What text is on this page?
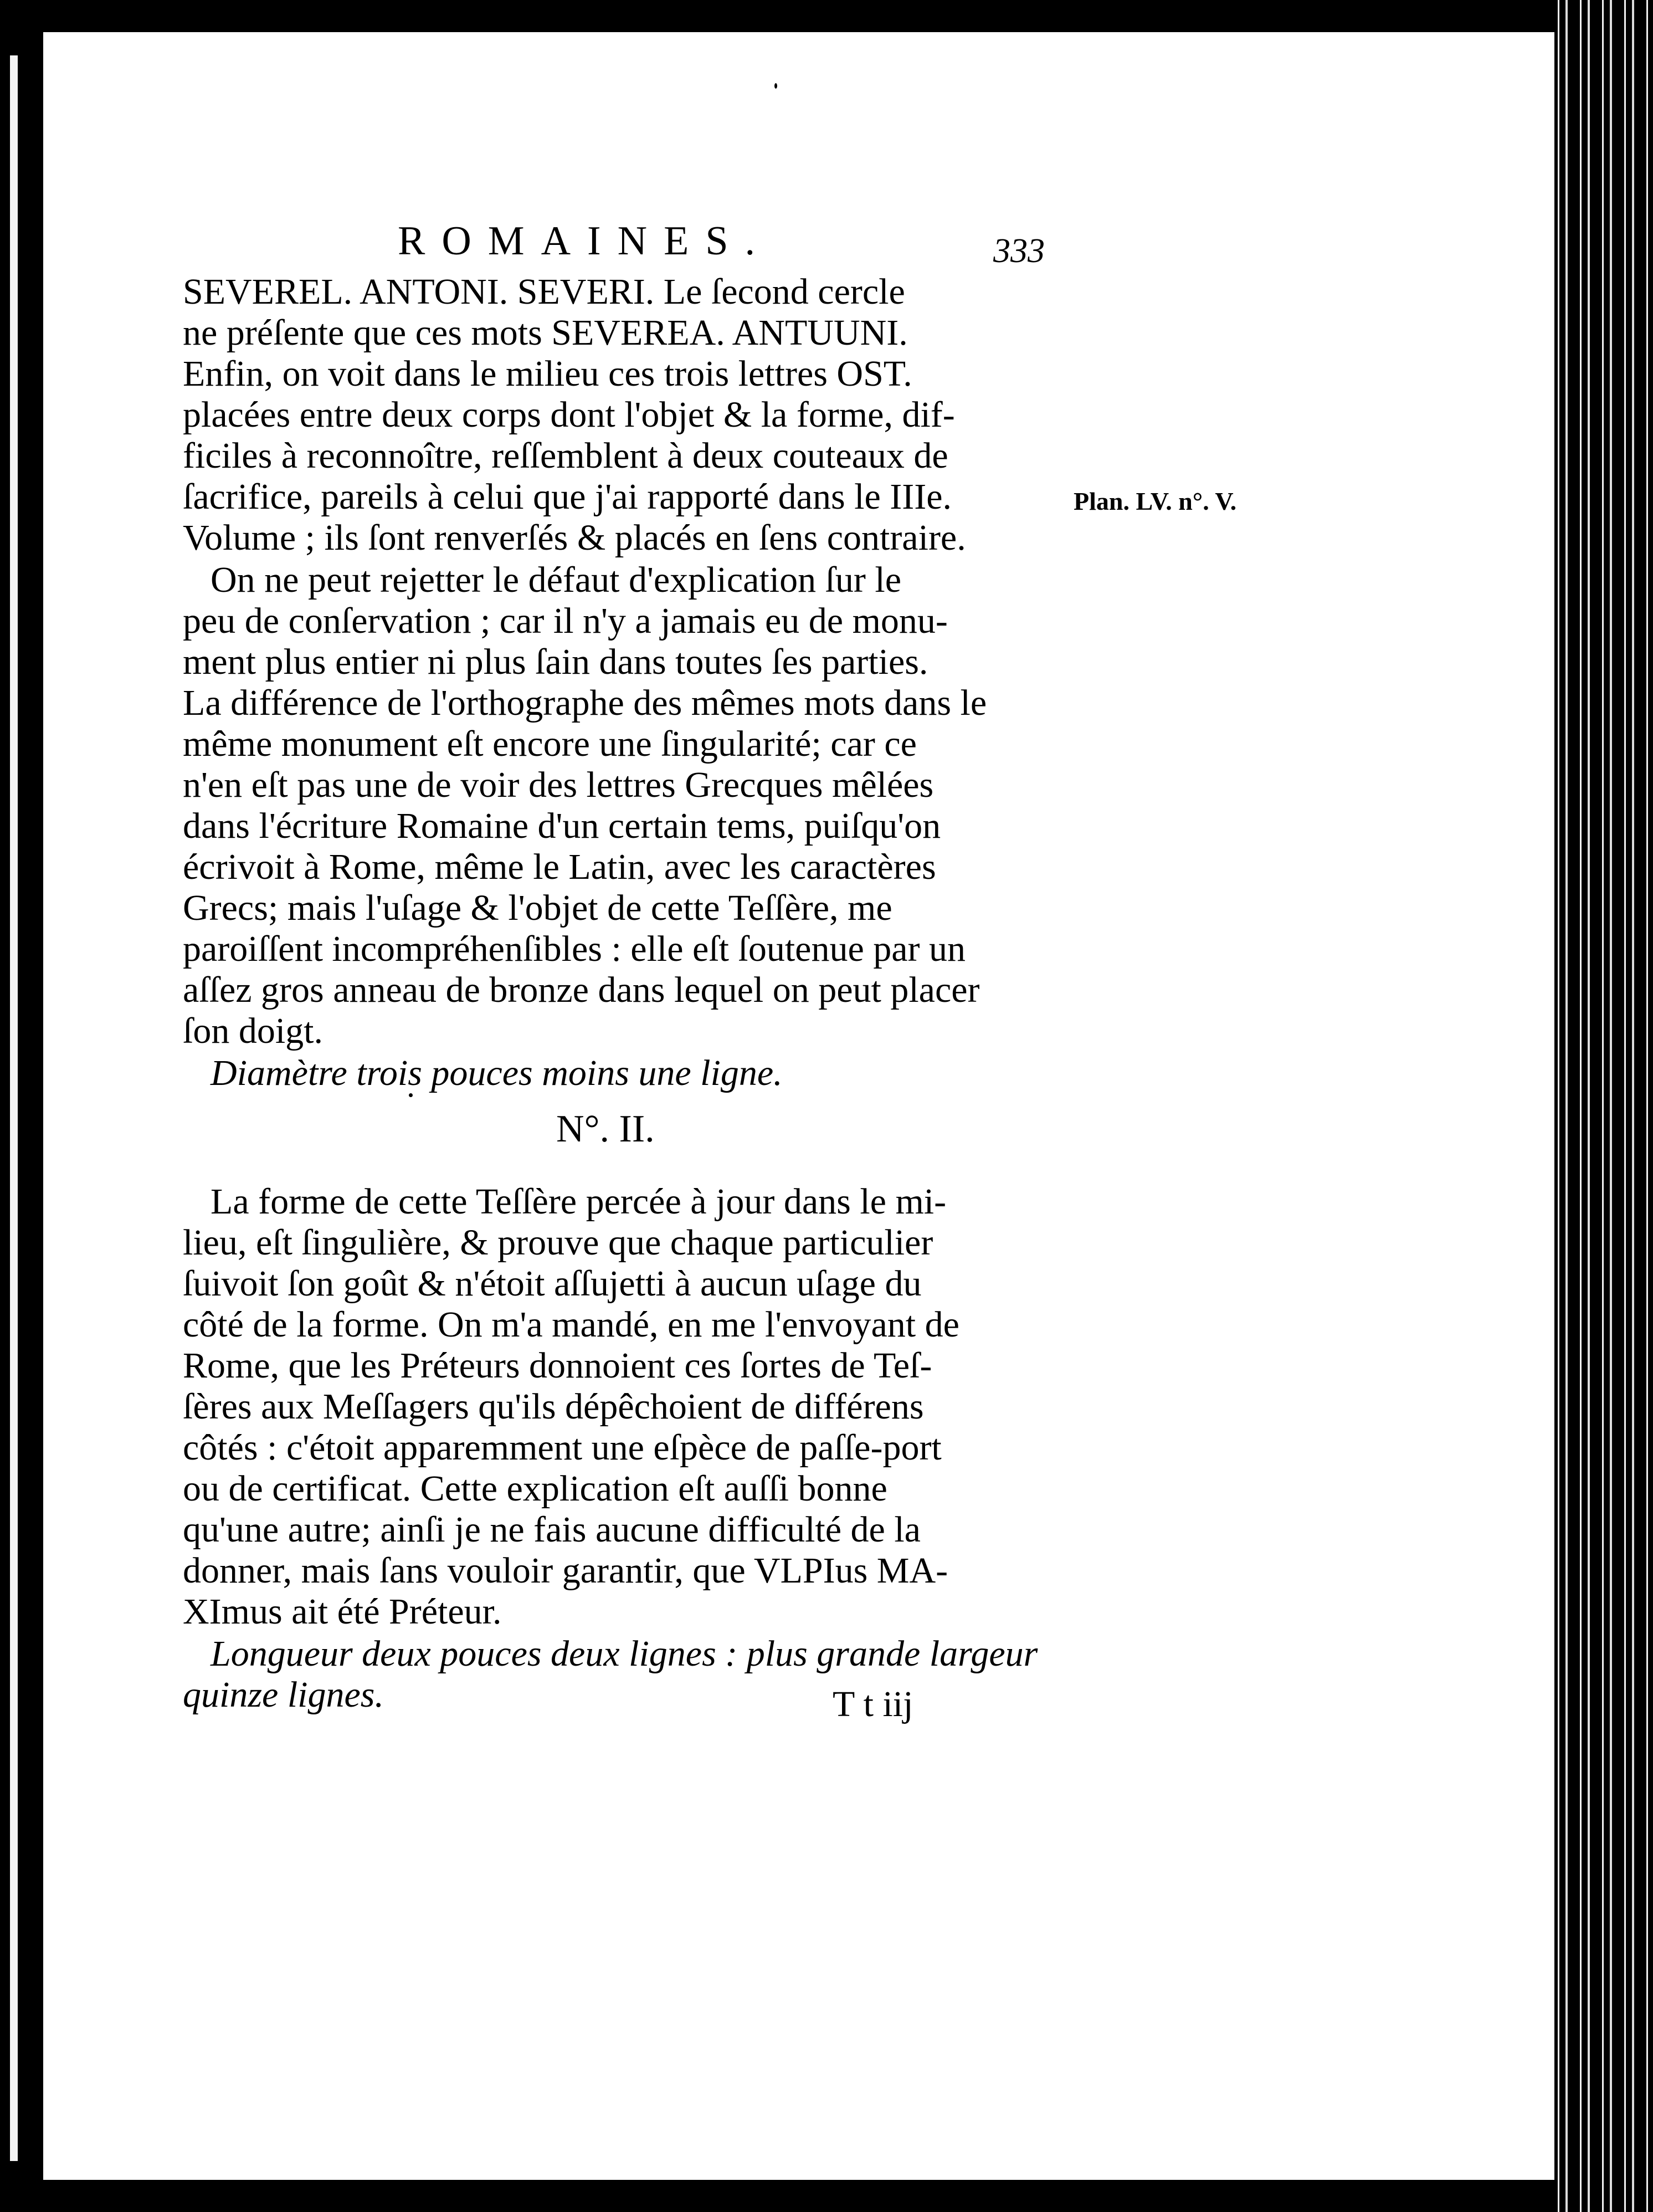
ROMAINES.	333
SEVEREL. ANTONI. SEVERI. Le ſecond cercle
ne préſente que ces mots SEVEREA. ANTUUNI.
Enfin, on voit dans le milieu ces trois lettres OST.
placées entre deux corps dont l'objet & la forme, dif-
ficiles à reconnoître, reſſemblent à deux couteaux de
ſacrifice, pareils à celui que j'ai rapporté dans le IIIe.
Volume ; ils ſont renverſés & placés en ſens contraire.
Plan. LV. n°. V.
On ne peut rejetter le défaut d'explication ſur le
peu de conſervation ; car il n'y a jamais eu de monu-
ment plus entier ni plus ſain dans toutes ſes parties.
La différence de l'orthographe des mêmes mots dans le
même monument eſt encore une ſingularité; car ce
n'en eſt pas une de voir des lettres Grecques mêlées
dans l'écriture Romaine d'un certain tems, puiſqu'on
écrivoit à Rome, même le Latin, avec les caractères
Grecs; mais l'uſage & l'objet de cette Teſſère, me
paroiſſent incompréhenſibles : elle eſt ſoutenue par un
aſſez gros anneau de bronze dans lequel on peut placer
ſon doigt.
Diamètre trois pouces moins une ligne.
N°. II.
La forme de cette Teſſère percée à jour dans le mi-
lieu, eſt ſingulière, & prouve que chaque particulier
ſuivoit ſon goût & n'étoit aſſujetti à aucun uſage du
côté de la forme. On m'a mandé, en me l'envoyant de
Rome, que les Préteurs donnoient ces ſortes de Teſ-
ſères aux Meſſagers qu'ils dépêchoient de différens
côtés : c'étoit apparemment une eſpèce de paſſe-port
ou de certificat. Cette explication eſt auſſi bonne
qu'une autre; ainſi je ne fais aucune difficulté de la
donner, mais ſans vouloir garantir, que VLPIus MA-
XImus ait été Préteur.
Longueur deux pouces deux lignes : plus grande largeur
quinze lignes.	T t iij
